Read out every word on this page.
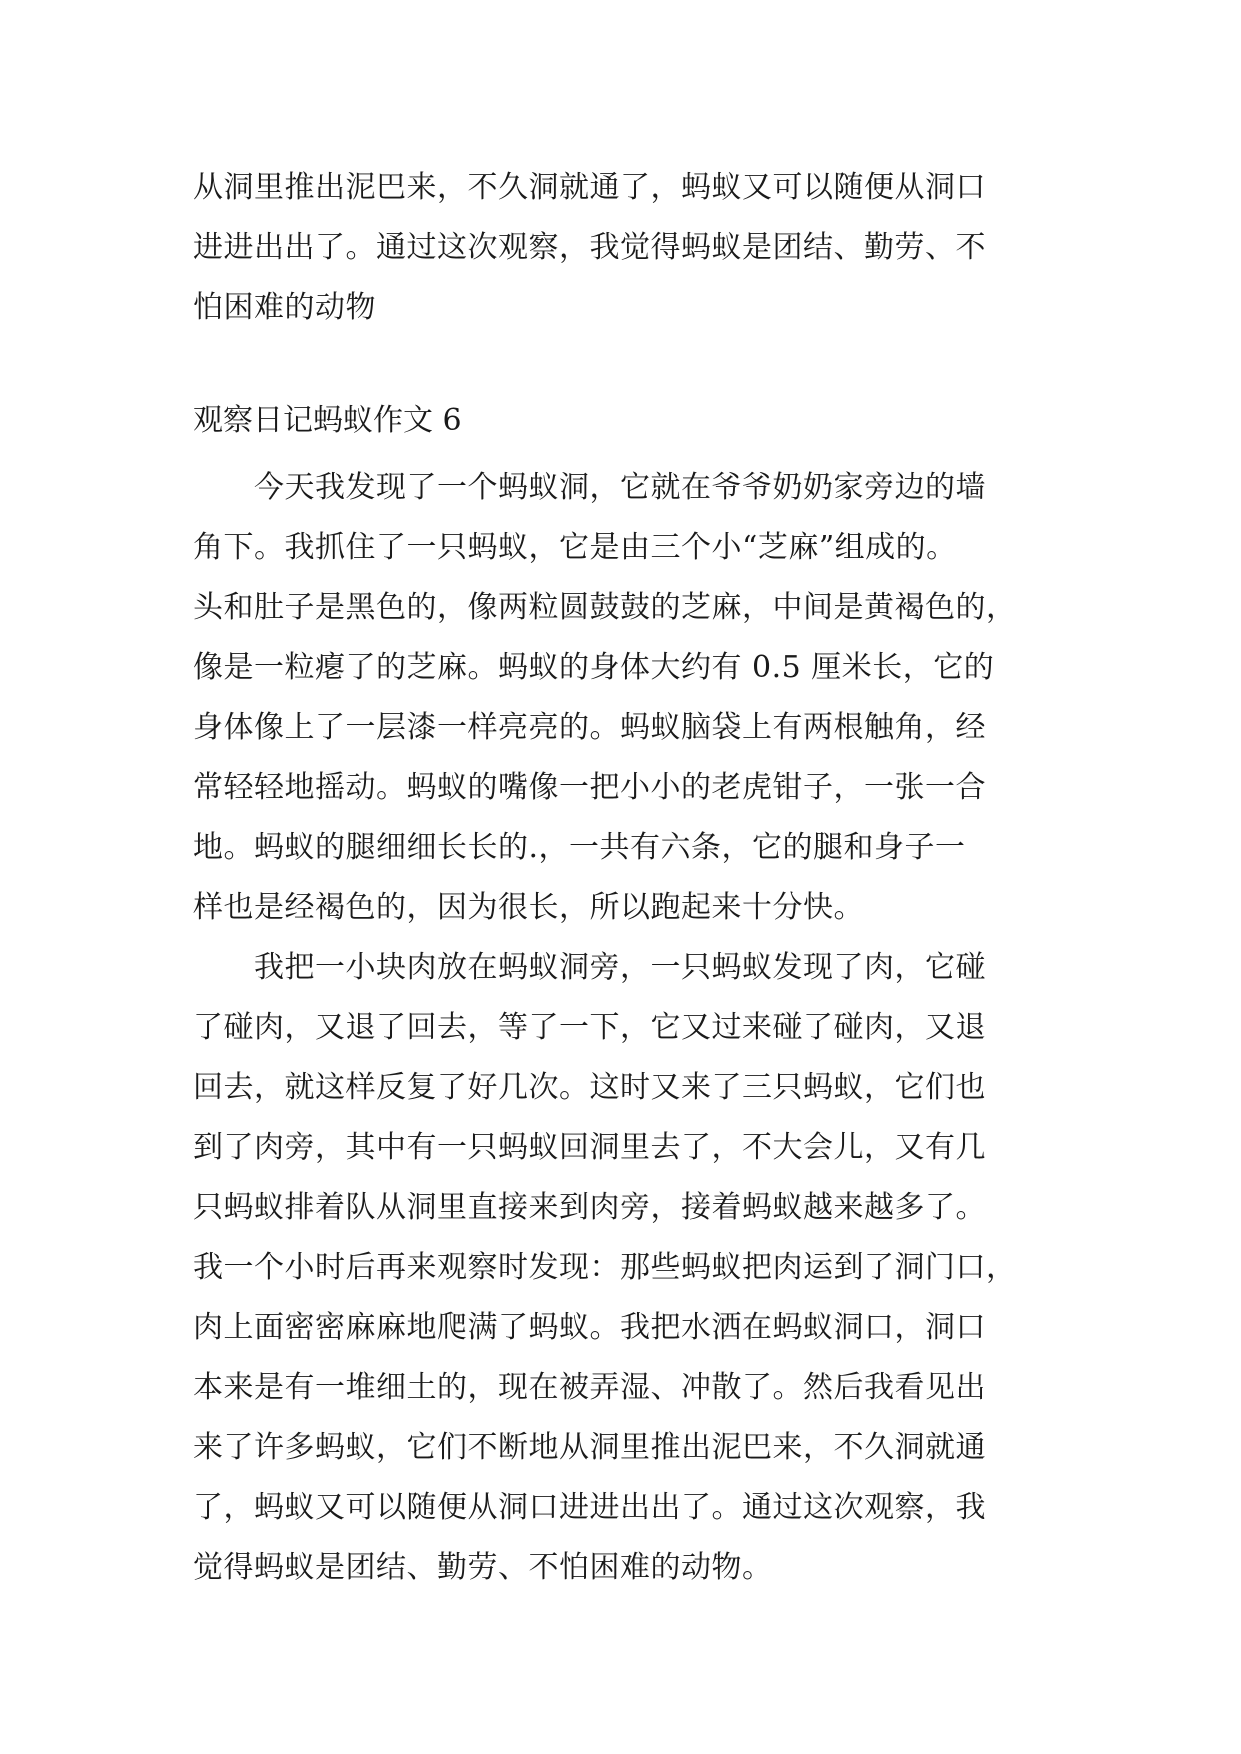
从洞里推出泥巴来，不久洞就通了，蚂蚁又可以随便从洞口
进进出出了。通过这次观察，我觉得蚂蚁是团结、勤劳、不
怕困难的动物
观察日记蚂蚁作文 6
　　今天我发现了一个蚂蚁洞，它就在爷爷奶奶家旁边的墙
角下。我抓住了一只蚂蚁，它是由三个小“芝麻”组成的。
头和肚子是黑色的，像两粒圆鼓鼓的芝麻，中间是黄褐色的，
像是一粒瘪了的芝麻。蚂蚁的身体大约有 0.5 厘米长，它的
身体像上了一层漆一样亮亮的。蚂蚁脑袋上有两根触角，经
常轻轻地摇动。蚂蚁的嘴像一把小小的老虎钳子，一张一合
地。蚂蚁的腿细细长长的.，一共有六条，它的腿和身子一
样也是经褐色的，因为很长，所以跑起来十分快。
　　我把一小块肉放在蚂蚁洞旁，一只蚂蚁发现了肉，它碰
了碰肉，又退了回去，等了一下，它又过来碰了碰肉，又退
回去，就这样反复了好几次。这时又来了三只蚂蚁，它们也
到了肉旁，其中有一只蚂蚁回洞里去了，不大会儿，又有几
只蚂蚁排着队从洞里直接来到肉旁，接着蚂蚁越来越多了。
我一个小时后再来观察时发现：那些蚂蚁把肉运到了洞门口，
肉上面密密麻麻地爬满了蚂蚁。我把水洒在蚂蚁洞口，洞口
本来是有一堆细土的，现在被弄湿、冲散了。然后我看见出
来了许多蚂蚁，它们不断地从洞里推出泥巴来，不久洞就通
了，蚂蚁又可以随便从洞口进进出出了。通过这次观察，我
觉得蚂蚁是团结、勤劳、不怕困难的动物。
